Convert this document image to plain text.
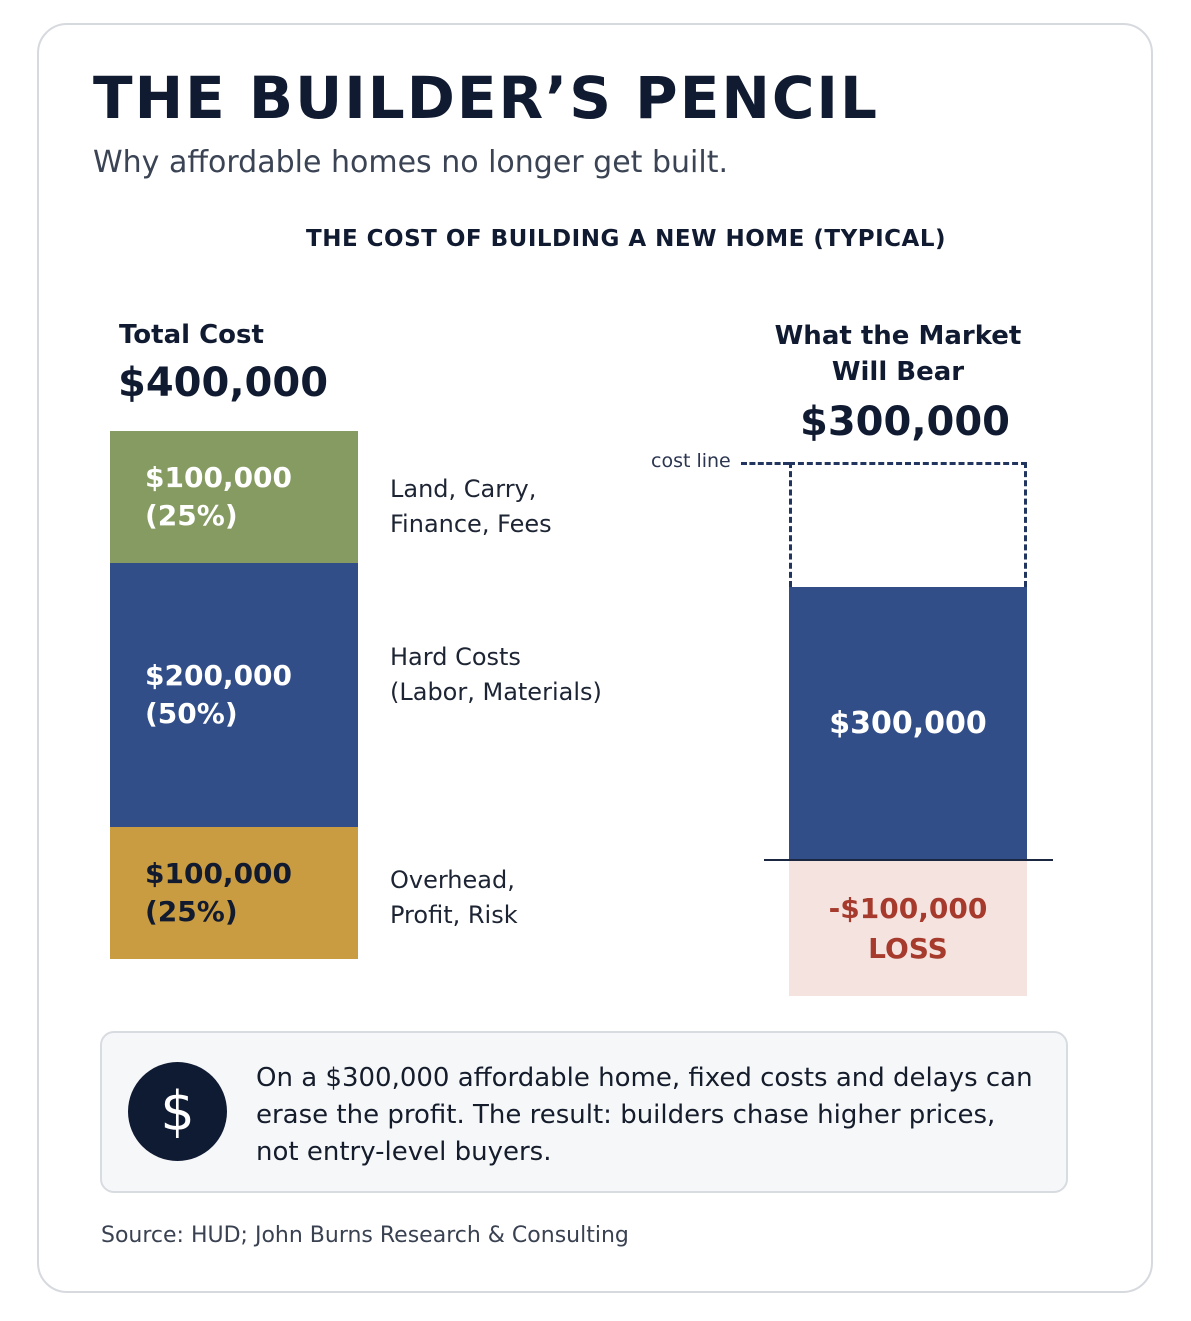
THE BUILDER’S PENCIL
Why affordable homes no longer get built.
THE COST OF BUILDING A NEW HOME (TYPICAL)
Total Cost
$400,000
$100,000
(25%)
Land, Carry,
Finance, Fees
$200,000
(50%)
Hard Costs
(Labor, Materials)
$100,000
(25%)
Overhead,
Profit, Risk
What the Market
Will Bear
$300,000
cost line
$300,000
-$100,000
LOSS
$
On a $300,000 affordable home, fixed costs and delays can erase the profit. The result: builders chase higher prices, not entry-level buyers.
Source: HUD; John Burns Research & Consulting
